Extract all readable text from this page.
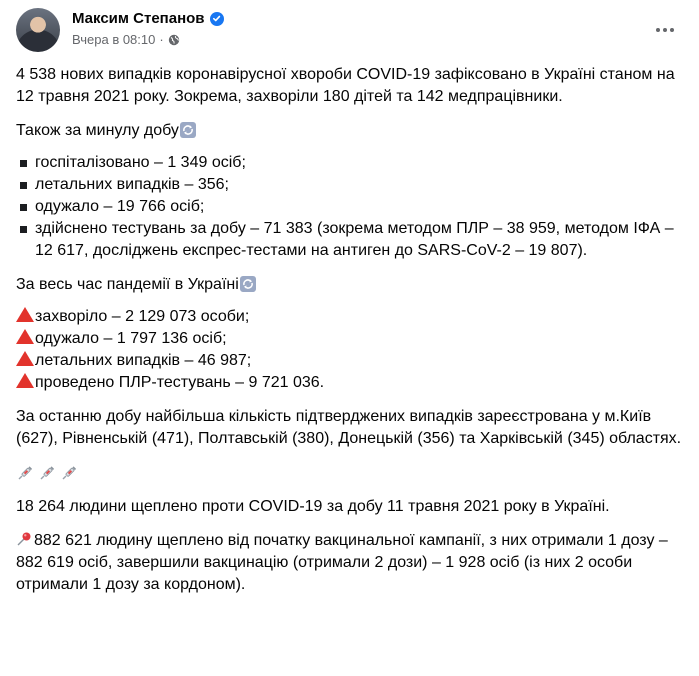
Максим Степанов
Вчера в 08:10 ·

4 538 нових випадків коронавірусної хвороби COVID-19 зафіксовано в Україні станом на 12 травня 2021 року. Зокрема, захворіли 180 дітей та 142 медпрацівники.

Також за минулу добу

госпіталізовано – 1 349 осіб;
летальних випадків – 356;
одужало – 19 766 осіб;
здійснено тестувань за добу – 71 383 (зокрема методом ПЛР – 38 959, методом ІФА – 12 617, досліджень експрес-тестами на антиген до SARS-CoV-2 – 19 807).

За весь час пандемії в Україні

захворіло – 2 129 073 особи;

одужало – 1 797 136 осіб;

летальних випадків – 46 987;

проведено ПЛР-тестувань – 9 721 036.

За останню добу найбільша кількість підтверджених випадків зареєстрована у м.Київ (627), Рівненській (471), Полтавській (380), Донецькій (356) та Харківській (345) областях.

18 264 людини щеплено проти COVID-19 за добу 11 травня 2021 року в Україні.

882 621 людину щеплено від початку вакцинальної кампанії, з них отримали 1 дозу – 882 619 осіб, завершили вакцинацію (отримали 2 дози) – 1 928 осіб (із них 2 особи отримали 1 дозу за кордоном).
